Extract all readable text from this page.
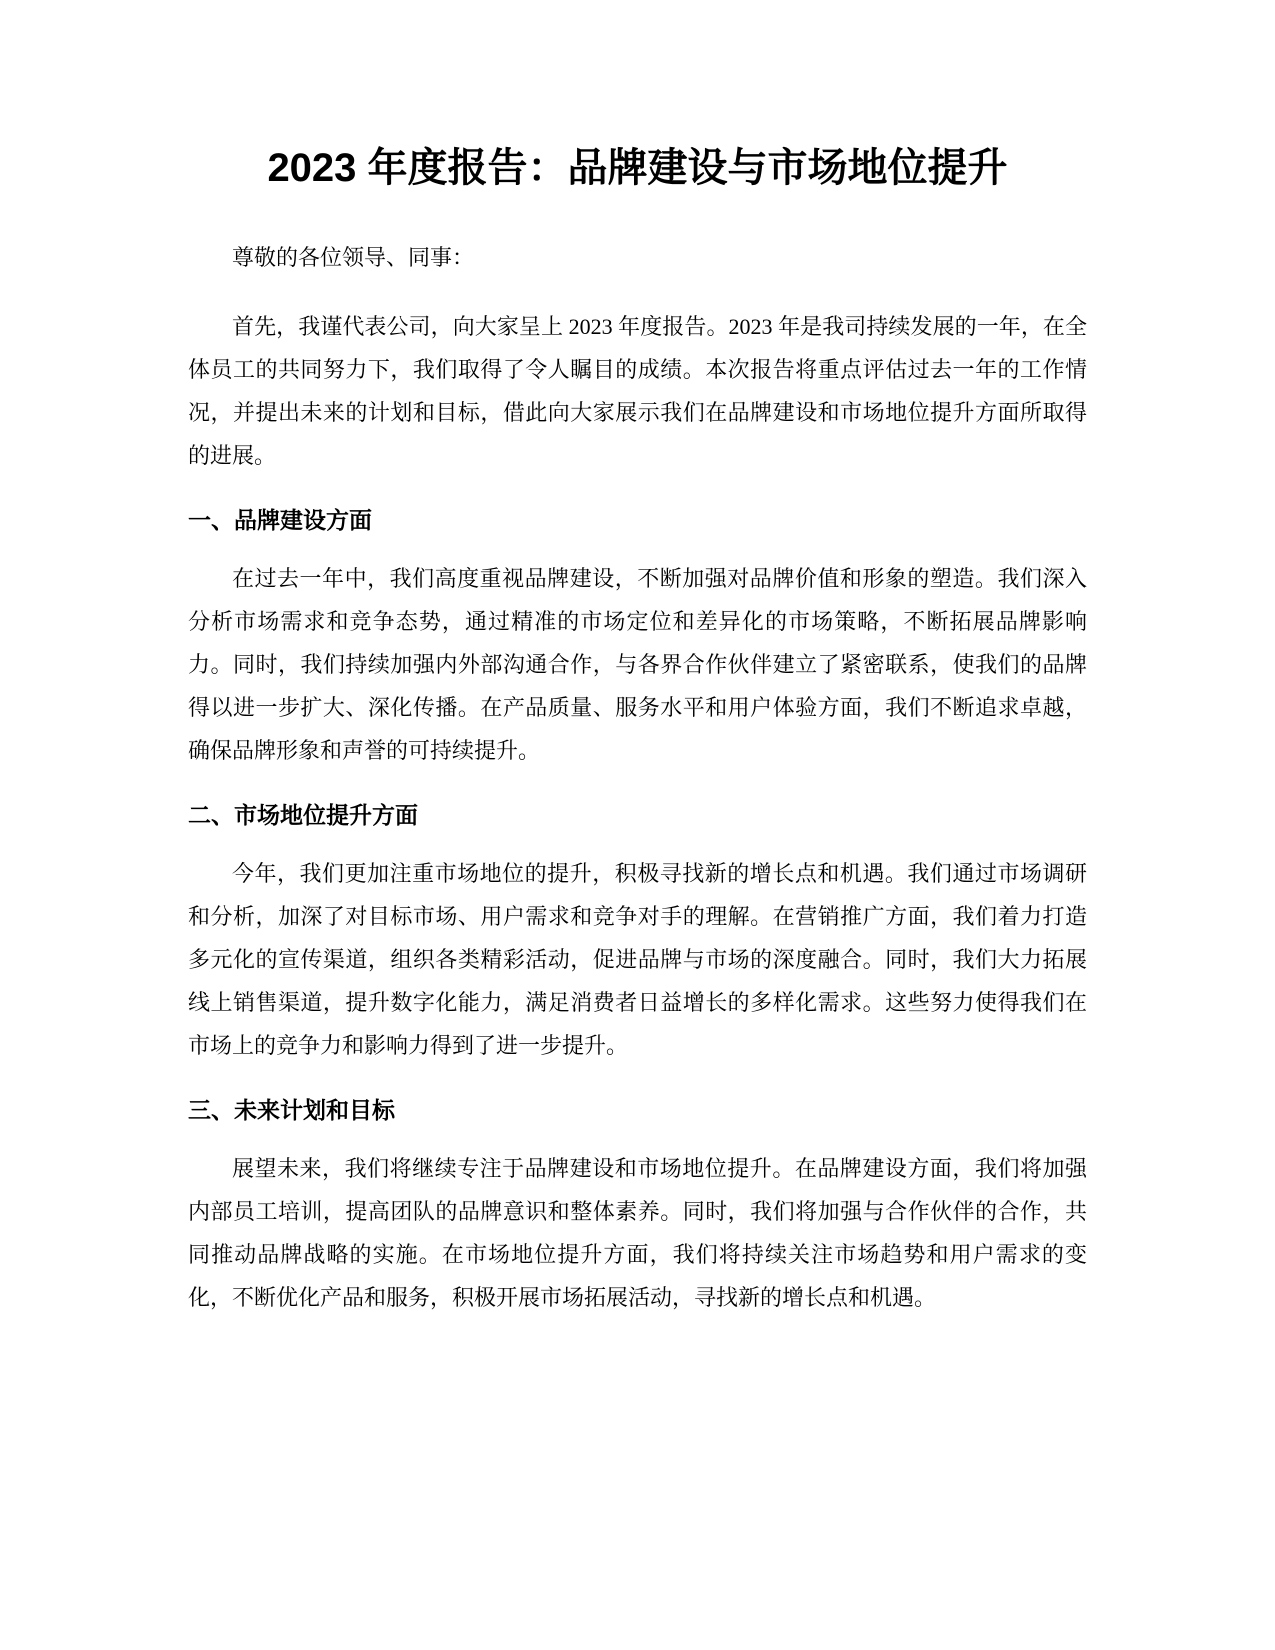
2023 年度报告：品牌建设与市场地位提升

尊敬的各位领导、同事：

首先，我谨代表公司，向大家呈上 2023 年度报告。2023 年是我司持续发展的一年，在全体员工的共同努力下，我们取得了令人瞩目的成绩。本次报告将重点评估过去一年的工作情况，并提出未来的计划和目标，借此向大家展示我们在品牌建设和市场地位提升方面所取得的进展。

一、品牌建设方面

在过去一年中，我们高度重视品牌建设，不断加强对品牌价值和形象的塑造。我们深入分析市场需求和竞争态势，通过精准的市场定位和差异化的市场策略，不断拓展品牌影响力。同时，我们持续加强内外部沟通合作，与各界合作伙伴建立了紧密联系，使我们的品牌得以进一步扩大、深化传播。在产品质量、服务水平和用户体验方面，我们不断追求卓越，确保品牌形象和声誉的可持续提升。

二、市场地位提升方面

今年，我们更加注重市场地位的提升，积极寻找新的增长点和机遇。我们通过市场调研和分析，加深了对目标市场、用户需求和竞争对手的理解。在营销推广方面，我们着力打造多元化的宣传渠道，组织各类精彩活动，促进品牌与市场的深度融合。同时，我们大力拓展线上销售渠道，提升数字化能力，满足消费者日益增长的多样化需求。这些努力使得我们在市场上的竞争力和影响力得到了进一步提升。

三、未来计划和目标

展望未来，我们将继续专注于品牌建设和市场地位提升。在品牌建设方面，我们将加强内部员工培训，提高团队的品牌意识和整体素养。同时，我们将加强与合作伙伴的合作，共同推动品牌战略的实施。在市场地位提升方面，我们将持续关注市场趋势和用户需求的变化，不断优化产品和服务，积极开展市场拓展活动，寻找新的增长点和机遇。
